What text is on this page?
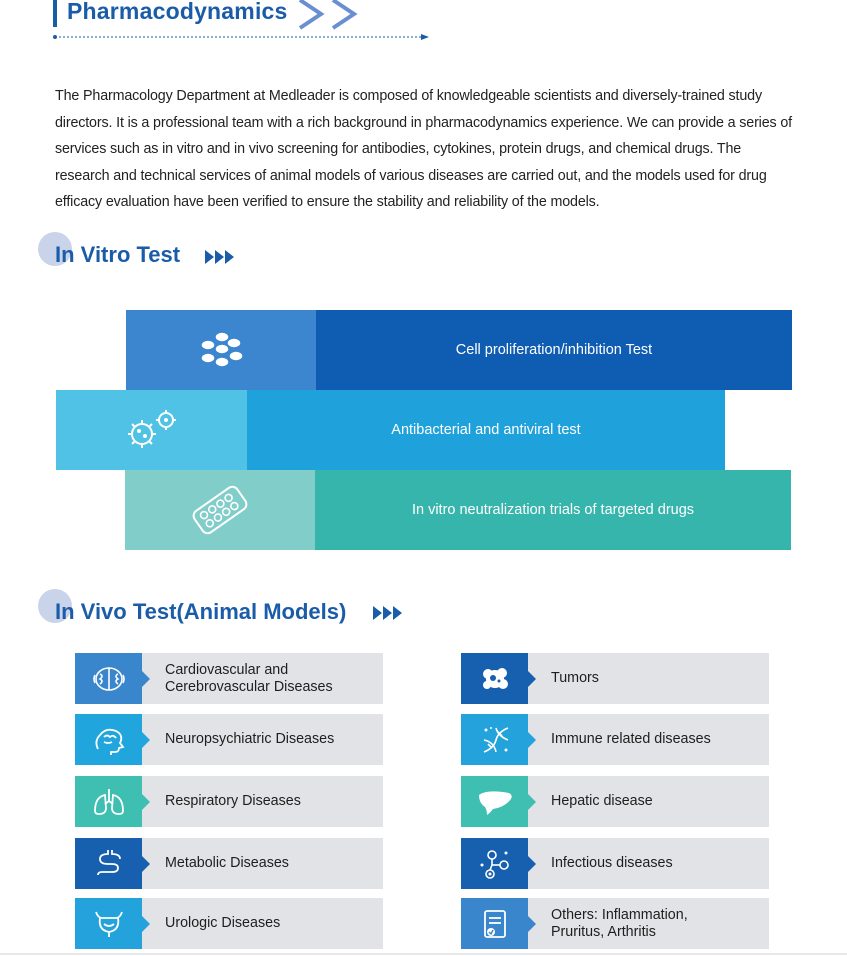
Pharmacodynamics
The Pharmacology Department at Medleader is composed of knowledgeable scientists and diversely-trained study directors. It is a professional team with a rich background in pharmacodynamics experience. We can provide a series of services such as in vitro and in vivo screening for antibodies, cytokines, protein drugs, and chemical drugs. The research and technical services of animal models of various diseases are carried out, and the models used for drug efficacy evaluation have been verified to ensure the stability and reliability of the models.
In Vitro Test
Cell proliferation/inhibition Test
Antibacterial and antiviral test
In vitro neutralization trials of targeted drugs
In Vivo Test(Animal Models)
Cardiovascular and
Cerebrovascular Diseases
Neuropsychiatric Diseases
Respiratory Diseases
Metabolic Diseases
Urologic Diseases
Tumors
Immune related diseases
Hepatic disease
Infectious diseases
Others: Inflammation,
Pruritus, Arthritis
